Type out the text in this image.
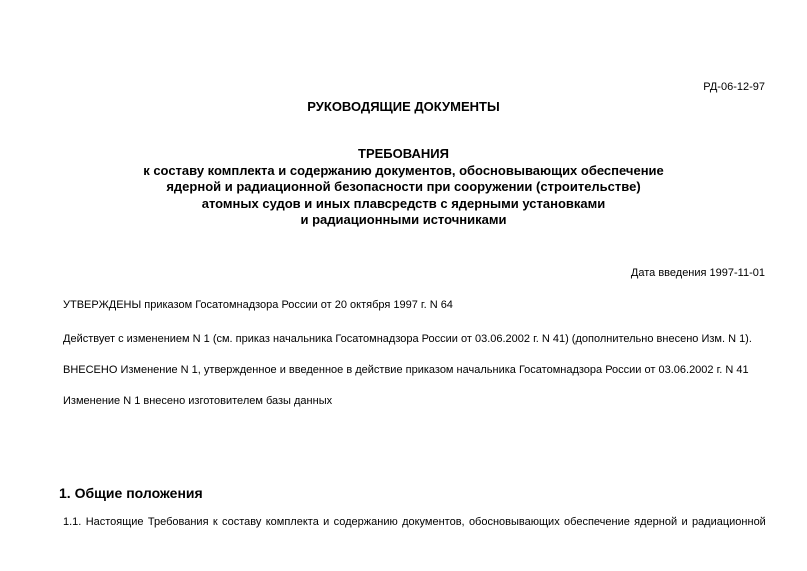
РД-06-12-97
РУКОВОДЯЩИЕ ДОКУМЕНТЫ
ТРЕБОВАНИЯ
к составу комплекта и содержанию документов, обосновывающих обеспечение
ядерной и радиационной безопасности при сооружении (строительстве)
атомных судов и иных плавсредств с ядерными установками
и радиационными источниками
Дата введения 1997-11-01
УТВЕРЖДЕНЫ приказом Госатомнадзора России от 20 октября 1997 г. N 64
Действует с изменением N 1 (см. приказ начальника Госатомнадзора России от 03.06.2002 г. N 41) (дополнительно внесено Изм. N 1).
ВНЕСЕНО Изменение N 1, утвержденное и введенное в действие приказом начальника Госатомнадзора России от 03.06.2002 г. N 41
Изменение N 1 внесено изготовителем базы данных
1. Общие положения
1.1. Настоящие Требования к составу комплекта и содержанию документов, обосновывающих обеспечение ядерной и радиационной
